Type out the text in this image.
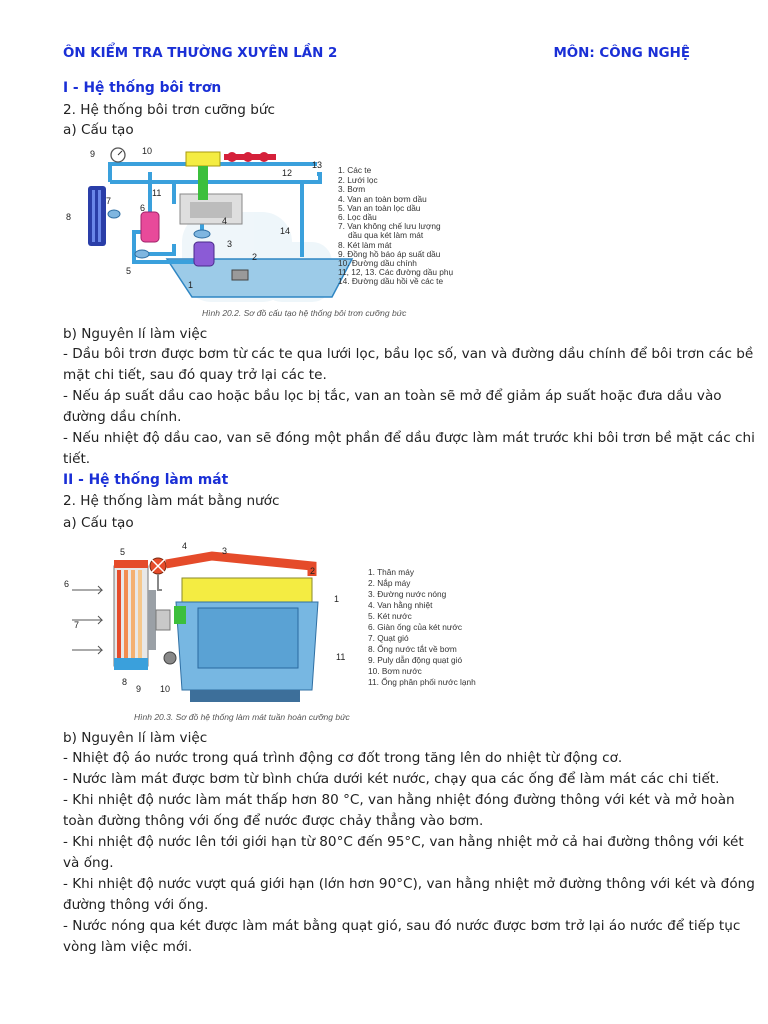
ÔN KIỂM TRA THƯỜNG XUYÊN LẦN 2	MÔN: CÔNG NGHỆ
I - Hệ thống bôi trơn
2. Hệ thống bôi trơn cưỡng bức
a) Cấu tạo
1
2
3
4
5
6
7
8
9	10
11
12
13
14
1. Các te
2. Lưới lọc
3. Bơm
4. Van an toàn bơm dầu
5. Van an toàn lọc dầu
6. Lọc dầu
7. Van không chế lưu lượng
dầu qua két làm mát
8. Két làm mát
9. Đồng hồ báo áp suất dầu
10. Đường dầu chính
11, 12, 13. Các đường dầu phụ
14. Đường dầu hồi về các te
Hình 20.2. Sơ đồ cấu tạo hệ thống bôi trơn cưỡng bức
b) Nguyên lí làm việc
- Dầu bôi trơn được bơm từ các te qua lưới lọc, bầu lọc số, van và đường dầu chính để bôi trơn các bề
mặt chi tiết, sau đó quay trở lại các te.
- Nếu áp suất dầu cao hoặc bầu lọc bị tắc, van an toàn sẽ mở để giảm áp suất hoặc đưa dầu vào
đường dầu chính.
- Nếu nhiệt độ dầu cao, van sẽ đóng một phần để dầu được làm mát trước khi bôi trơn bề mặt các chi
tiết.
II - Hệ thống làm mát
2. Hệ thống làm mát bằng nước
a) Cấu tạo
1
2
3
4
5
6
7
8
9 10
11
1. Thân máy
2. Nắp máy
3. Đường nước nóng
4. Van hằng nhiệt
5. Két nước
6. Giàn ống của két nước
7. Quạt gió
8. Ống nước tắt về bơm
9. Puly dẫn động quạt gió
10. Bơm nước
11. Ống phân phối nước lạnh
Hình 20.3. Sơ đồ hệ thống làm mát tuần hoàn cưỡng bức
b) Nguyên lí làm việc
- Nhiệt độ áo nước trong quá trình động cơ đốt trong tăng lên do nhiệt từ động cơ.
- Nước làm mát được bơm từ bình chứa dưới két nước, chạy qua các ống để làm mát các chi tiết.
- Khi nhiệt độ nước làm mát thấp hơn 80 °C, van hằng nhiệt đóng đường thông với két và mở hoàn
toàn đường thông với ống để nước được chảy thẳng vào bơm.
- Khi nhiệt độ nước lên tới giới hạn từ 80°C đến 95°C, van hằng nhiệt mở cả hai đường thông với két
và ống.
- Khi nhiệt độ nước vượt quá giới hạn (lớn hơn 90°C), van hằng nhiệt mở đường thông với két và đóng
đường thông với ống.
- Nước nóng qua két được làm mát bằng quạt gió, sau đó nước được bơm trở lại áo nước để tiếp tục
vòng làm việc mới.
